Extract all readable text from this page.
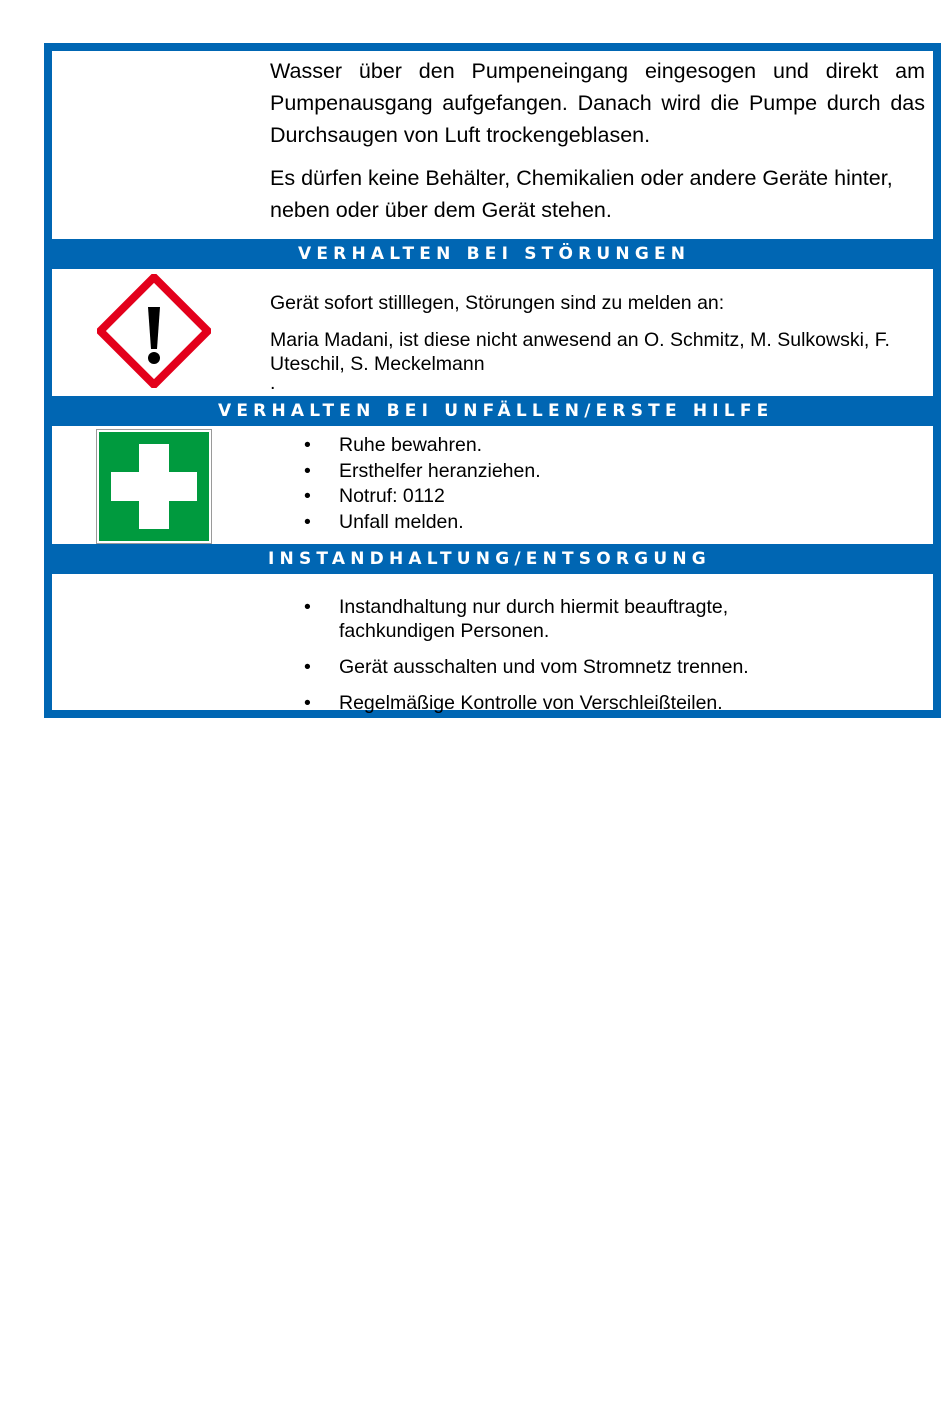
Wasser über den Pumpeneingang eingesogen und direkt am Pumpenausgang aufgefangen. Danach wird die Pumpe durch das Durchsaugen von Luft trockengeblasen.

Es dürfen keine Behälter, Chemikalien oder andere Geräte hinter, neben oder über dem Gerät stehen.

VERHALTEN BEI STÖRUNGEN

Gerät sofort stilllegen, Störungen sind zu melden an:

Maria Madani, ist diese nicht anwesend an O. Schmitz, M. Sulkowski, F. Uteschil, S. Meckelmann

.

VERHALTEN BEI UNFÄLLEN/ERSTE HILFE
• Ruhe bewahren.
• Ersthelfer heranziehen.
• Notruf: 0112
• Unfall melden.
INSTANDHALTUNG/ENTSORGUNG
• Instandhaltung nur durch hiermit beauftragte, fachkundigen Personen.
• Gerät ausschalten und vom Stromnetz trennen.
• Regelmäßige Kontrolle von Verschleißteilen.
